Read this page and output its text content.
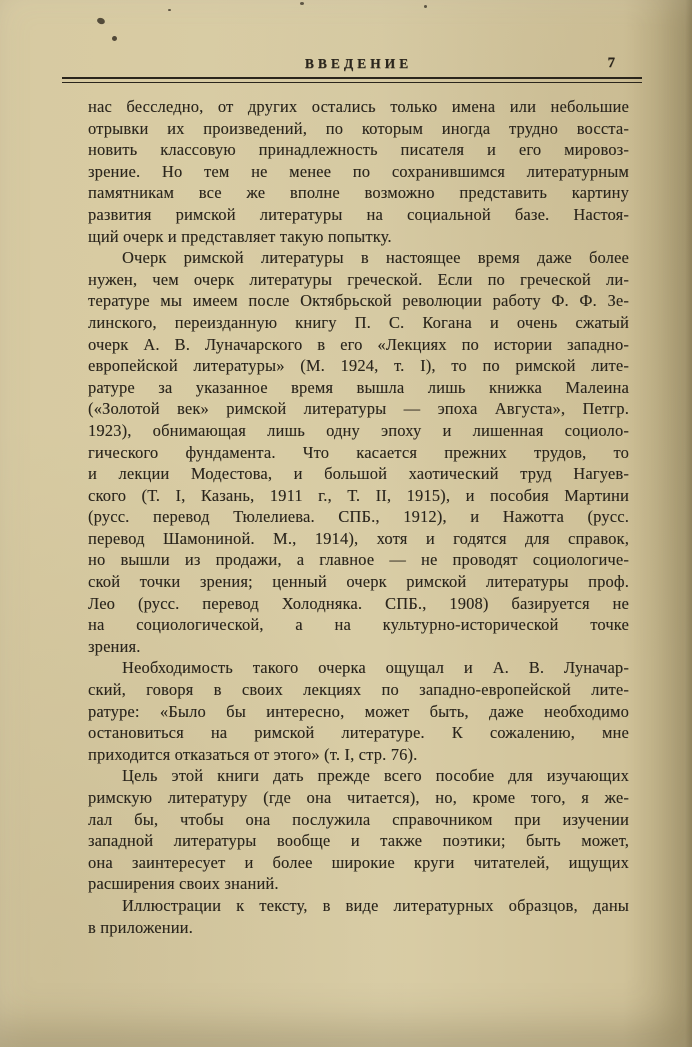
ВВЕДЕНИЕ	7
нас бесследно, от других остались только имена или небольшие
отрывки их произведений, по которым иногда трудно восста-
новить классовую принадлежность писателя и его мировоз-
зрение. Но тем не менее по сохранившимся литературным
памятникам все же вполне возможно представить картину
развития римской литературы на социальной базе. Настоя-
щий очерк и представляет такую попытку.
Очерк римской литературы в настоящее время даже более
нужен, чем очерк литературы греческой. Если по греческой ли-
тературе мы имеем после Октябрьской революции работу Ф. Ф. Зе-
линского, переизданную книгу П. С. Когана и очень сжатый
очерк А. В. Луначарского в его «Лекциях по истории западно-
европейской литературы» (М. 1924, т. I), то по римской лите-
ратуре за указанное время вышла лишь книжка Малеина
(«Золотой век» римской литературы — эпоха Августа», Петгр.
1923), обнимающая лишь одну эпоху и лишенная социоло-
гического фундамента. Что касается прежних трудов, то
и лекции Модестова, и большой хаотический труд Нагуев-
ского (Т. I, Казань, 1911 г., Т. II, 1915), и пособия Мартини
(русс. перевод Тюлелиева. СПБ., 1912), и Нажотта (русс.
перевод Шамониной. М., 1914), хотя и годятся для справок,
но вышли из продажи, а главное — не проводят социологиче-
ской точки зрения; ценный очерк римской литературы проф.
Лео (русс. перевод Холодняка. СПБ., 1908) базируется не
на социологической, а на культурно-исторической точке
зрения.
Необходимость такого очерка ощущал и А. В. Луначар-
ский, говоря в своих лекциях по западно-европейской лите-
ратуре: «Было бы интересно, может быть, даже необходимо
остановиться на римской литературе. К сожалению, мне
приходится отказаться от этого» (т. I, стр. 76).
Цель этой книги дать прежде всего пособие для изучающих
римскую литературу (где она читается), но, кроме того, я же-
лал бы, чтобы она послужила справочником при изучении
западной литературы вообще и также поэтики; быть может,
она заинтересует и более широкие круги читателей, ищущих
расширения своих знаний.
Иллюстрации к тексту, в виде литературных образцов, даны
в приложении.
